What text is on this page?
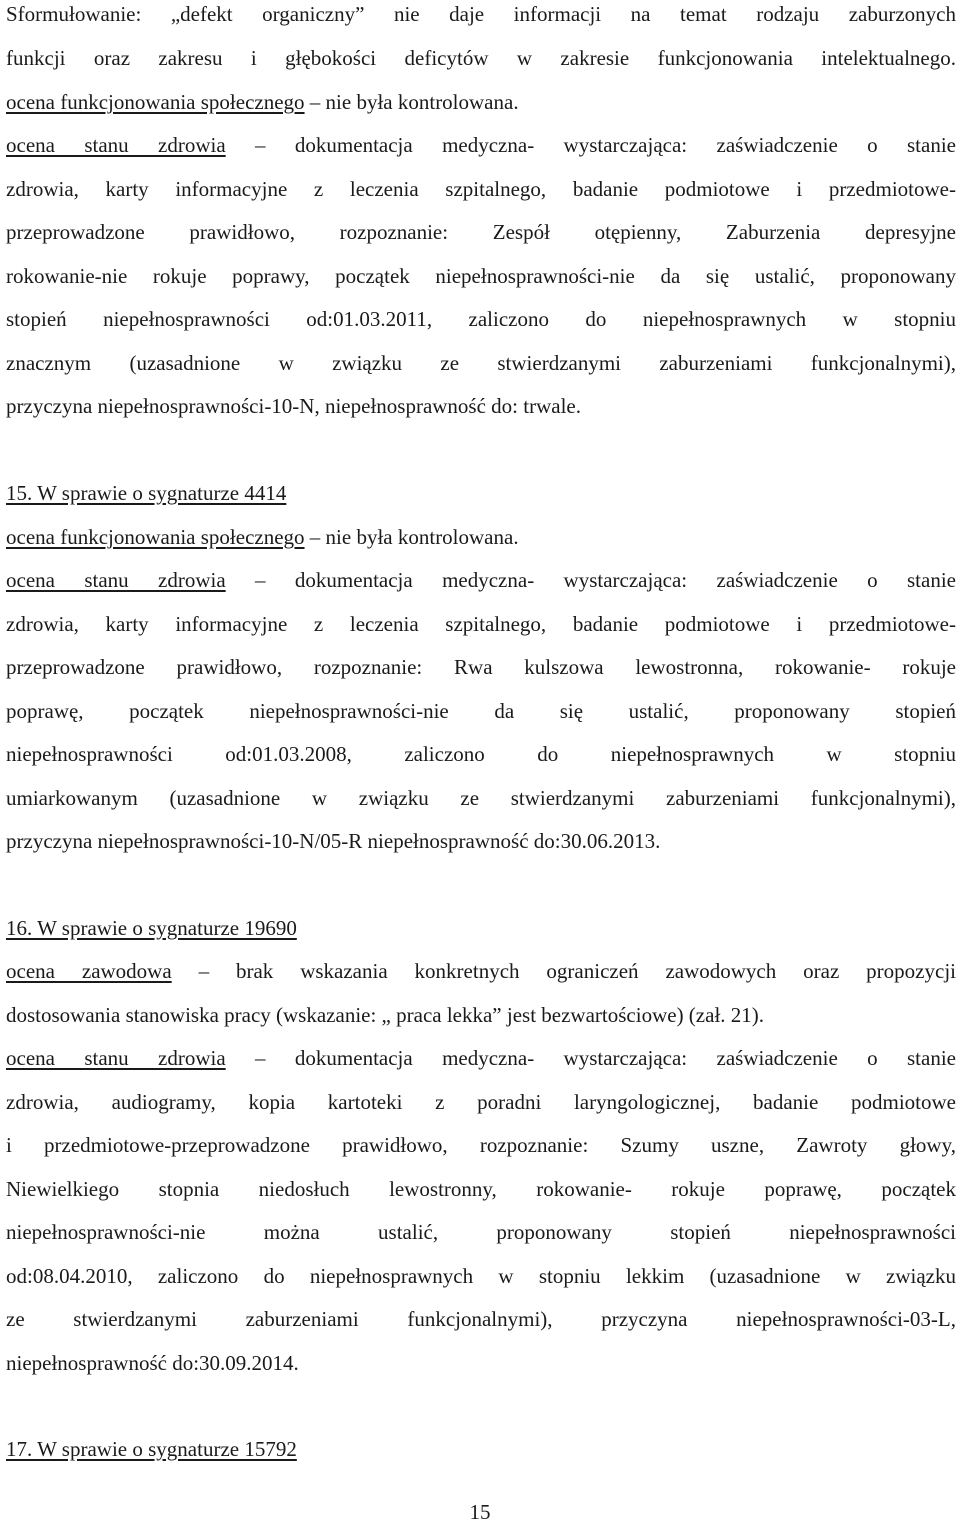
Sformułowanie: „defekt organiczny” nie daje informacji na temat rodzaju zaburzonych
funkcji oraz zakresu i głębokości deficytów w zakresie funkcjonowania intelektualnego.
ocena funkcjonowania społecznego – nie była kontrolowana.
ocena stanu zdrowia – dokumentacja medyczna- wystarczająca: zaświadczenie o stanie
zdrowia, karty informacyjne z leczenia szpitalnego, badanie podmiotowe i przedmiotowe-
przeprowadzone prawidłowo, rozpoznanie: Zespół otępienny, Zaburzenia depresyjne
rokowanie-nie rokuje poprawy, początek niepełnosprawności-nie da się ustalić, proponowany
stopień niepełnosprawności od:01.03.2011, zaliczono do niepełnosprawnych w stopniu
znacznym (uzasadnione w związku ze stwierdzanymi zaburzeniami funkcjonalnymi),
przyczyna niepełnosprawności-10-N, niepełnosprawność do: trwale.
15. W sprawie o sygnaturze 4414
ocena funkcjonowania społecznego – nie była kontrolowana.
ocena stanu zdrowia – dokumentacja medyczna- wystarczająca: zaświadczenie o stanie
zdrowia, karty informacyjne z leczenia szpitalnego, badanie podmiotowe i przedmiotowe-
przeprowadzone prawidłowo, rozpoznanie: Rwa kulszowa lewostronna, rokowanie- rokuje
poprawę, początek niepełnosprawności-nie da się ustalić, proponowany stopień
niepełnosprawności od:01.03.2008, zaliczono do niepełnosprawnych w stopniu
umiarkowanym (uzasadnione w związku ze stwierdzanymi zaburzeniami funkcjonalnymi),
przyczyna niepełnosprawności-10-N/05-R niepełnosprawność do:30.06.2013.
16. W sprawie o sygnaturze 19690
ocena zawodowa – brak wskazania konkretnych ograniczeń zawodowych oraz propozycji
dostosowania stanowiska pracy (wskazanie: „ praca lekka” jest bezwartościowe) (zał. 21).
ocena stanu zdrowia – dokumentacja medyczna- wystarczająca: zaświadczenie o stanie
zdrowia, audiogramy, kopia kartoteki z poradni laryngologicznej, badanie podmiotowe
i przedmiotowe-przeprowadzone prawidłowo, rozpoznanie: Szumy uszne, Zawroty głowy,
Niewielkiego stopnia niedosłuch lewostronny, rokowanie- rokuje poprawę, początek
niepełnosprawności-nie można ustalić, proponowany stopień niepełnosprawności
od:08.04.2010, zaliczono do niepełnosprawnych w stopniu lekkim (uzasadnione w związku
ze stwierdzanymi zaburzeniami funkcjonalnymi), przyczyna niepełnosprawności-03-L,
niepełnosprawność do:30.09.2014.
17. W sprawie o sygnaturze 15792
15
